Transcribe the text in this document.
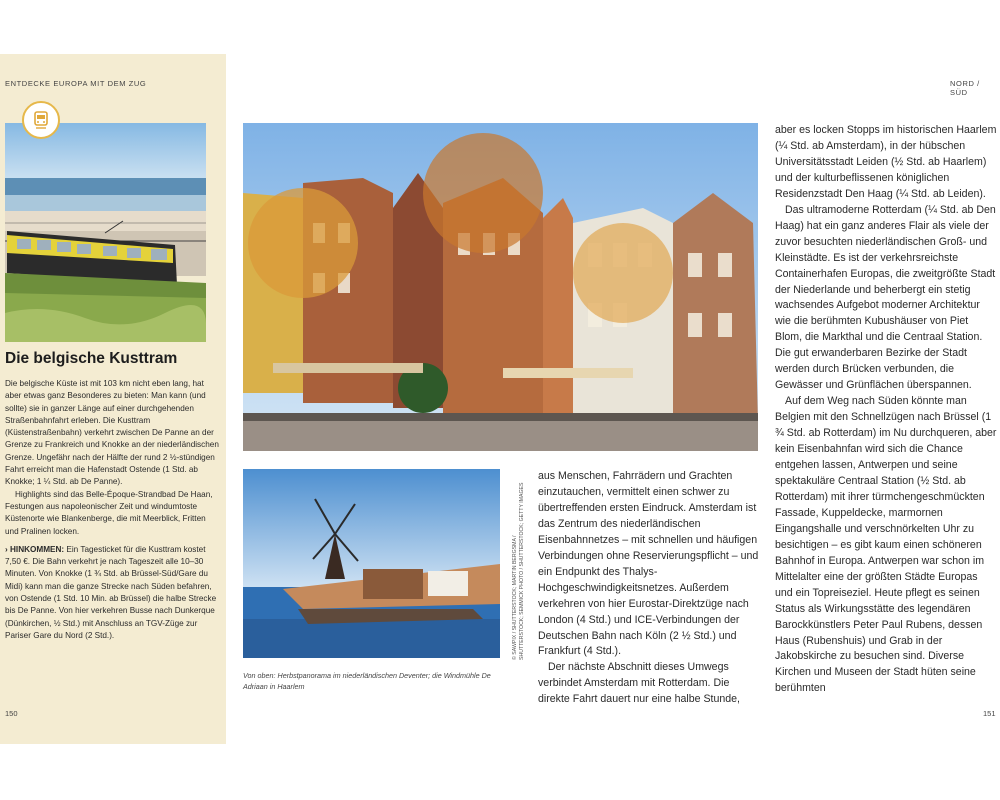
ENTDECKE EUROPA MIT DEM ZUG
Die belgische Kusttram

Die belgische Küste ist mit 103 km nicht eben lang, hat aber etwas ganz Besonderes zu bieten: Man kann (und sollte) sie in ganzer Länge auf einer durchgehenden Straßenbahnfahrt erleben. Die Kusttram (Küstenstraßenbahn) verkehrt zwischen De Panne an der Grenze zu Frankreich und Knokke an der niederländischen Grenze. Ungefähr nach der Hälfte der rund 2 ½-stündigen Fahrt erreicht man die Hafenstadt Ostende (1 Std. ab Knokke; 1 ¼ Std. ab De Panne).

Highlights sind das Belle-Époque-Strandbad De Haan, Festungen aus napoleonischer Zeit und windumtoste Küstenorte wie Blankenberge, die mit Meerblick, Fritten und Pralinen locken.

› HINKOMMEN: Ein Tagesticket für die Kusttram kostet 7,50 €. Die Bahn verkehrt je nach Tageszeit alle 10–30 Minuten. Von Knokke (1 ¾ Std. ab Brüssel-Süd/Gare du Midi) kann man die ganze Strecke nach Süden befahren, von Ostende (1 Std. 10 Min. ab Brüssel) die halbe Strecke bis De Panne. Von hier verkehren Busse nach Dunkerque (Dünkirchen, ½ Std.) mit Anschluss an TGV-Züge zur Pariser Gare du Nord (2 Std.).

150
NORD / SÜD
Von oben: Herbstpanorama im niederländischen Deventer; die Windmühle De Adriaan in Haarlem
© SAWPIX / SHUTTERSTOCK; MARTIN BERGSMA / SHUTTERSTOCK; SEMMICK PHOTO / SHUTTERSTOCK; GETTY IMAGES

aus Menschen, Fahrrädern und Grachten einzutauchen, vermittelt einen schwer zu übertreffenden ersten Eindruck. Amsterdam ist das Zentrum des niederländischen Eisenbahnnetzes – mit schnellen und häufigen Verbindungen ohne Reservierungspflicht – und ein Endpunkt des Thalys-Hochgeschwindigkeitsnetzes. Außerdem verkehren von hier Eurostar-Direktzüge nach London (4 Std.) und ICE-Verbindungen der Deutschen Bahn nach Köln (2 ½ Std.) und Frankfurt (4 Std.).

Der nächste Abschnitt dieses Umwegs verbindet Amsterdam mit Rotterdam. Die direkte Fahrt dauert nur eine halbe Stunde,

aber es locken Stopps im historischen Haarlem (¼ Std. ab Amsterdam), in der hübschen Universitätsstadt Leiden (½ Std. ab Haarlem) und der kulturbeflissenen königlichen Residenzstadt Den Haag (¼ Std. ab Leiden).

Das ultramoderne Rotterdam (¼ Std. ab Den Haag) hat ein ganz anderes Flair als viele der zuvor besuchten niederländischen Groß- und Kleinstädte. Es ist der verkehrsreichste Containerhafen Europas, die zweitgrößte Stadt der Niederlande und beherbergt ein stetig wachsendes Aufgebot moderner Architektur wie die berühmten Kubushäuser von Piet Blom, die Markthal und die Centraal Station. Die gut erwanderbaren Bezirke der Stadt werden durch Brücken verbunden, die Gewässer und Grünflächen überspannen.

Auf dem Weg nach Süden könnte man Belgien mit den Schnellzügen nach Brüssel (1 ¾ Std. ab Rotterdam) im Nu durchqueren, aber kein Eisenbahnfan wird sich die Chance entgehen lassen, Antwerpen und seine spektakuläre Centraal Station (½ Std. ab Rotterdam) mit ihrer türmchengeschmückten Fassade, Kuppeldecke, marmornen Eingangshalle und verschnörkelten Uhr zu besichtigen – es gibt kaum einen schöneren Bahnhof in Europa. Antwerpen war schon im Mittelalter eine der größten Städte Europas und ein Topreiseziel. Heute pflegt es seinen Status als Wirkungsstätte des legendären Barockkünstlers Peter Paul Rubens, dessen Haus (Rubenshuis) und Grab in der Jakobskirche zu besuchen sind. Diverse Kirchen und Museen der Stadt hüten seine berühmten

151
